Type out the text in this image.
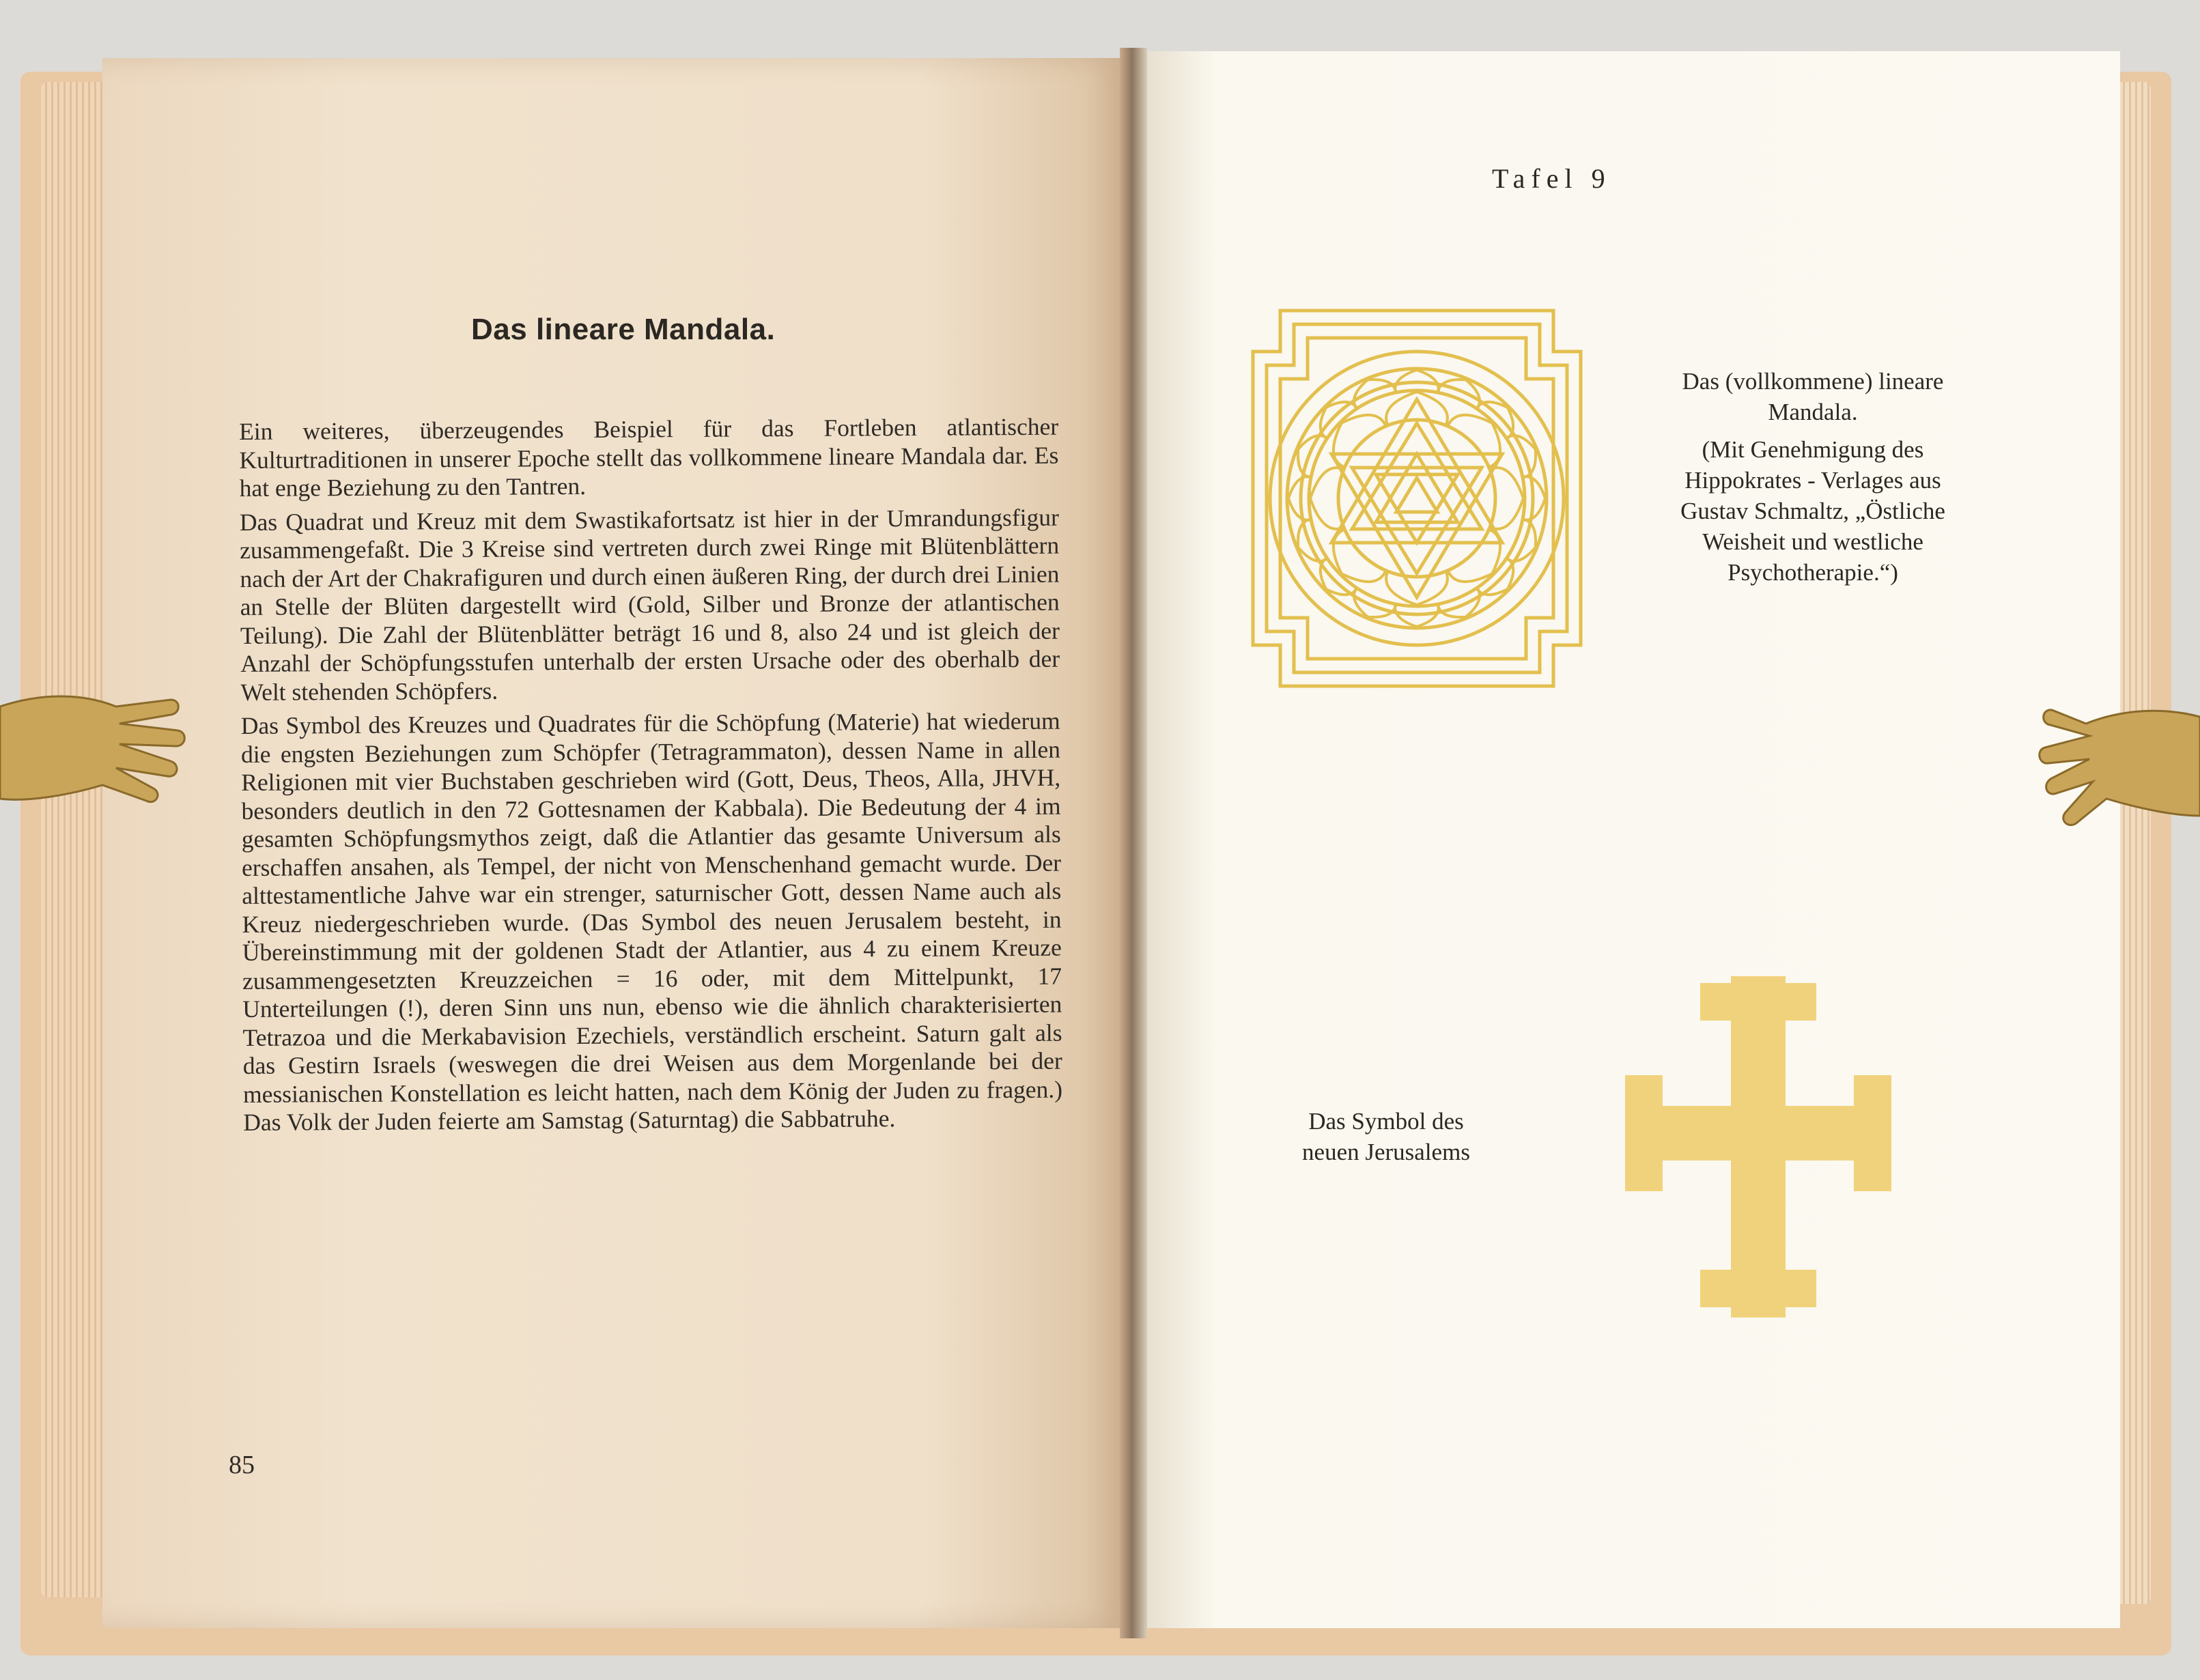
Das lineare Mandala.

Ein weiteres, überzeugendes Beispiel für das Fortleben atlantischer Kulturtraditionen in unserer Epoche stellt das vollkommene lineare Mandala dar. Es hat enge Beziehung zu den Tantren.

Das Quadrat und Kreuz mit dem Swastikafortsatz ist hier in der Umrandungsfigur zusammengefaßt. Die 3 Kreise sind vertreten durch zwei Ringe mit Blütenblättern nach der Art der Chakrafiguren und durch einen äußeren Ring, der durch drei Linien an Stelle der Blüten dargestellt wird (Gold, Silber und Bronze der atlantischen Teilung). Die Zahl der Blütenblätter beträgt 16 und 8, also 24 und ist gleich der Anzahl der Schöpfungsstufen unterhalb der ersten Ursache oder des oberhalb der Welt stehenden Schöpfers.

Das Symbol des Kreuzes und Quadrates für die Schöpfung (Materie) hat wiederum die engsten Beziehungen zum Schöpfer (Tetragrammaton), dessen Name in allen Religionen mit vier Buchstaben geschrieben wird (Gott, Deus, Theos, Alla, JHVH, besonders deutlich in den 72 Gottesnamen der Kabbala). Die Bedeutung der 4 im gesamten Schöpfungsmythos zeigt, daß die Atlantier das gesamte Universum als erschaffen ansahen, als Tempel, der nicht von Menschenhand gemacht wurde. Der alttestamentliche Jahve war ein strenger, saturnischer Gott, dessen Name auch als Kreuz niedergeschrieben wurde. (Das Symbol des neuen Jerusalem besteht, in Übereinstimmung mit der goldenen Stadt der Atlantier, aus 4 zu einem Kreuze zusammengesetzten Kreuzzeichen = 16 oder, mit dem Mittelpunkt, 17 Unterteilungen (!), deren Sinn uns nun, ebenso wie die ähnlich charakterisierten Tetrazoa und die Merkabavision Ezechiels, verständlich erscheint. Saturn galt als das Gestirn Israels (weswegen die drei Weisen aus dem Morgenlande bei der messianischen Konstellation es leicht hatten, nach dem König der Juden zu fragen.) Das Volk der Juden feierte am Samstag (Saturntag) die Sabbatruhe.

85

Tafel 9

Das (vollkommene) lineare Mandala.
(Mit Genehmigung des Hippokrates - Verlages aus Gustav Schmaltz, „Östliche Weisheit und westliche Psychotherapie.“)
Das Symbol des neuen Jerusalems
